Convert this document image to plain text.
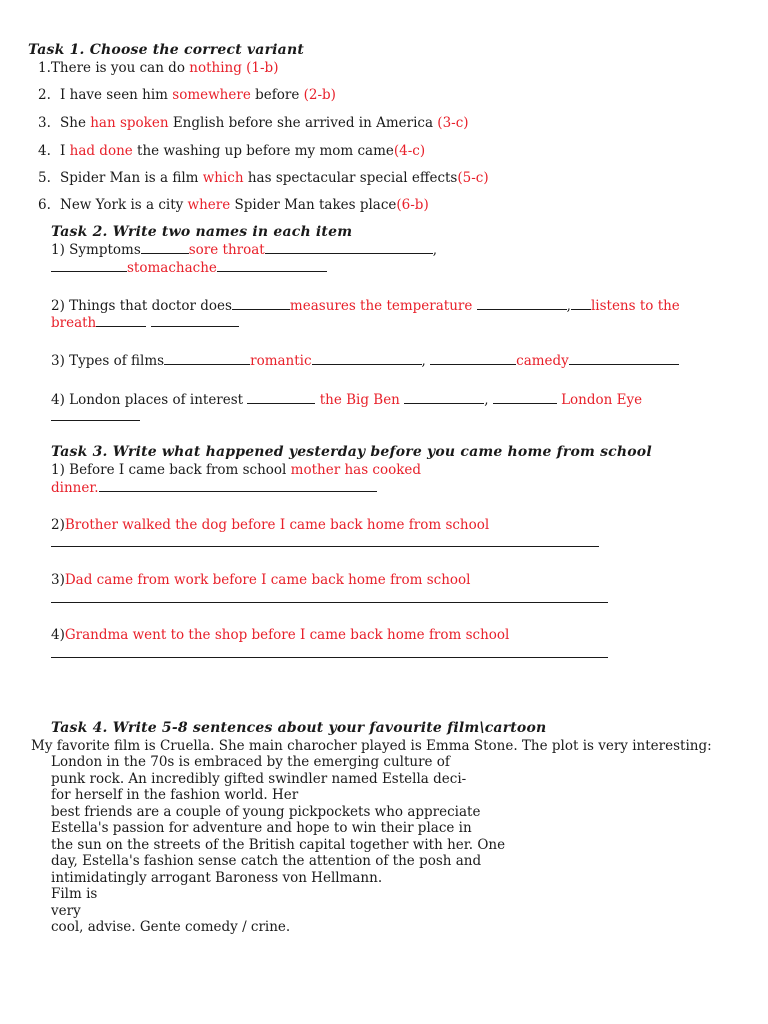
Task 1. Choose the correct variant
1.There is you can do nothing (1-b)
2. I have seen him somewhere before (2-b)
3. She han spoken English before she arrived in America (3-c)
4. I had done the washing up before my mom came(4-c)
5. Spider Man is a film which has spectacular special effects(5-c)
6. New York is a city where Spider Man takes place(6-b)
Task 2. Write two names in each item
1) Symptoms	sore throat	,
stomachache
2) Things that doctor does	measures the temperature	, listens to the
breath
3) Types of films	romantic	,	camedy
4) London places of interest	the Big Ben	,	London Eye
Task 3. Write what happened yesterday before you came home from school
1) Before I came back from school mother has cooked
dinner.
2)Brother walked the dog before I came back home from school
3)Dad came from work before I came back home from school
4)Grandma went to the shop before I came back home from school
Task 4. Write 5-8 sentences about your favourite film\cartoon
My favorite film is Cruella. She main charocher played is Emma Stone. The plot is very interesting:
London in the 70s is embraced by the emerging culture of
punk rock. An incredibly gifted swindler named Estella deci-
for herself in the fashion world. Her
best friends are a couple of young pickpockets who appreciate
Estella's passion for adventure and hope to win their place in
the sun on the streets of the British capital together with her. One
day, Estella's fashion sense catch the attention of the posh and
intimidatingly arrogant Baroness von Hellmann.
Film is
very
cool, advise. Gente comedy / crine.
